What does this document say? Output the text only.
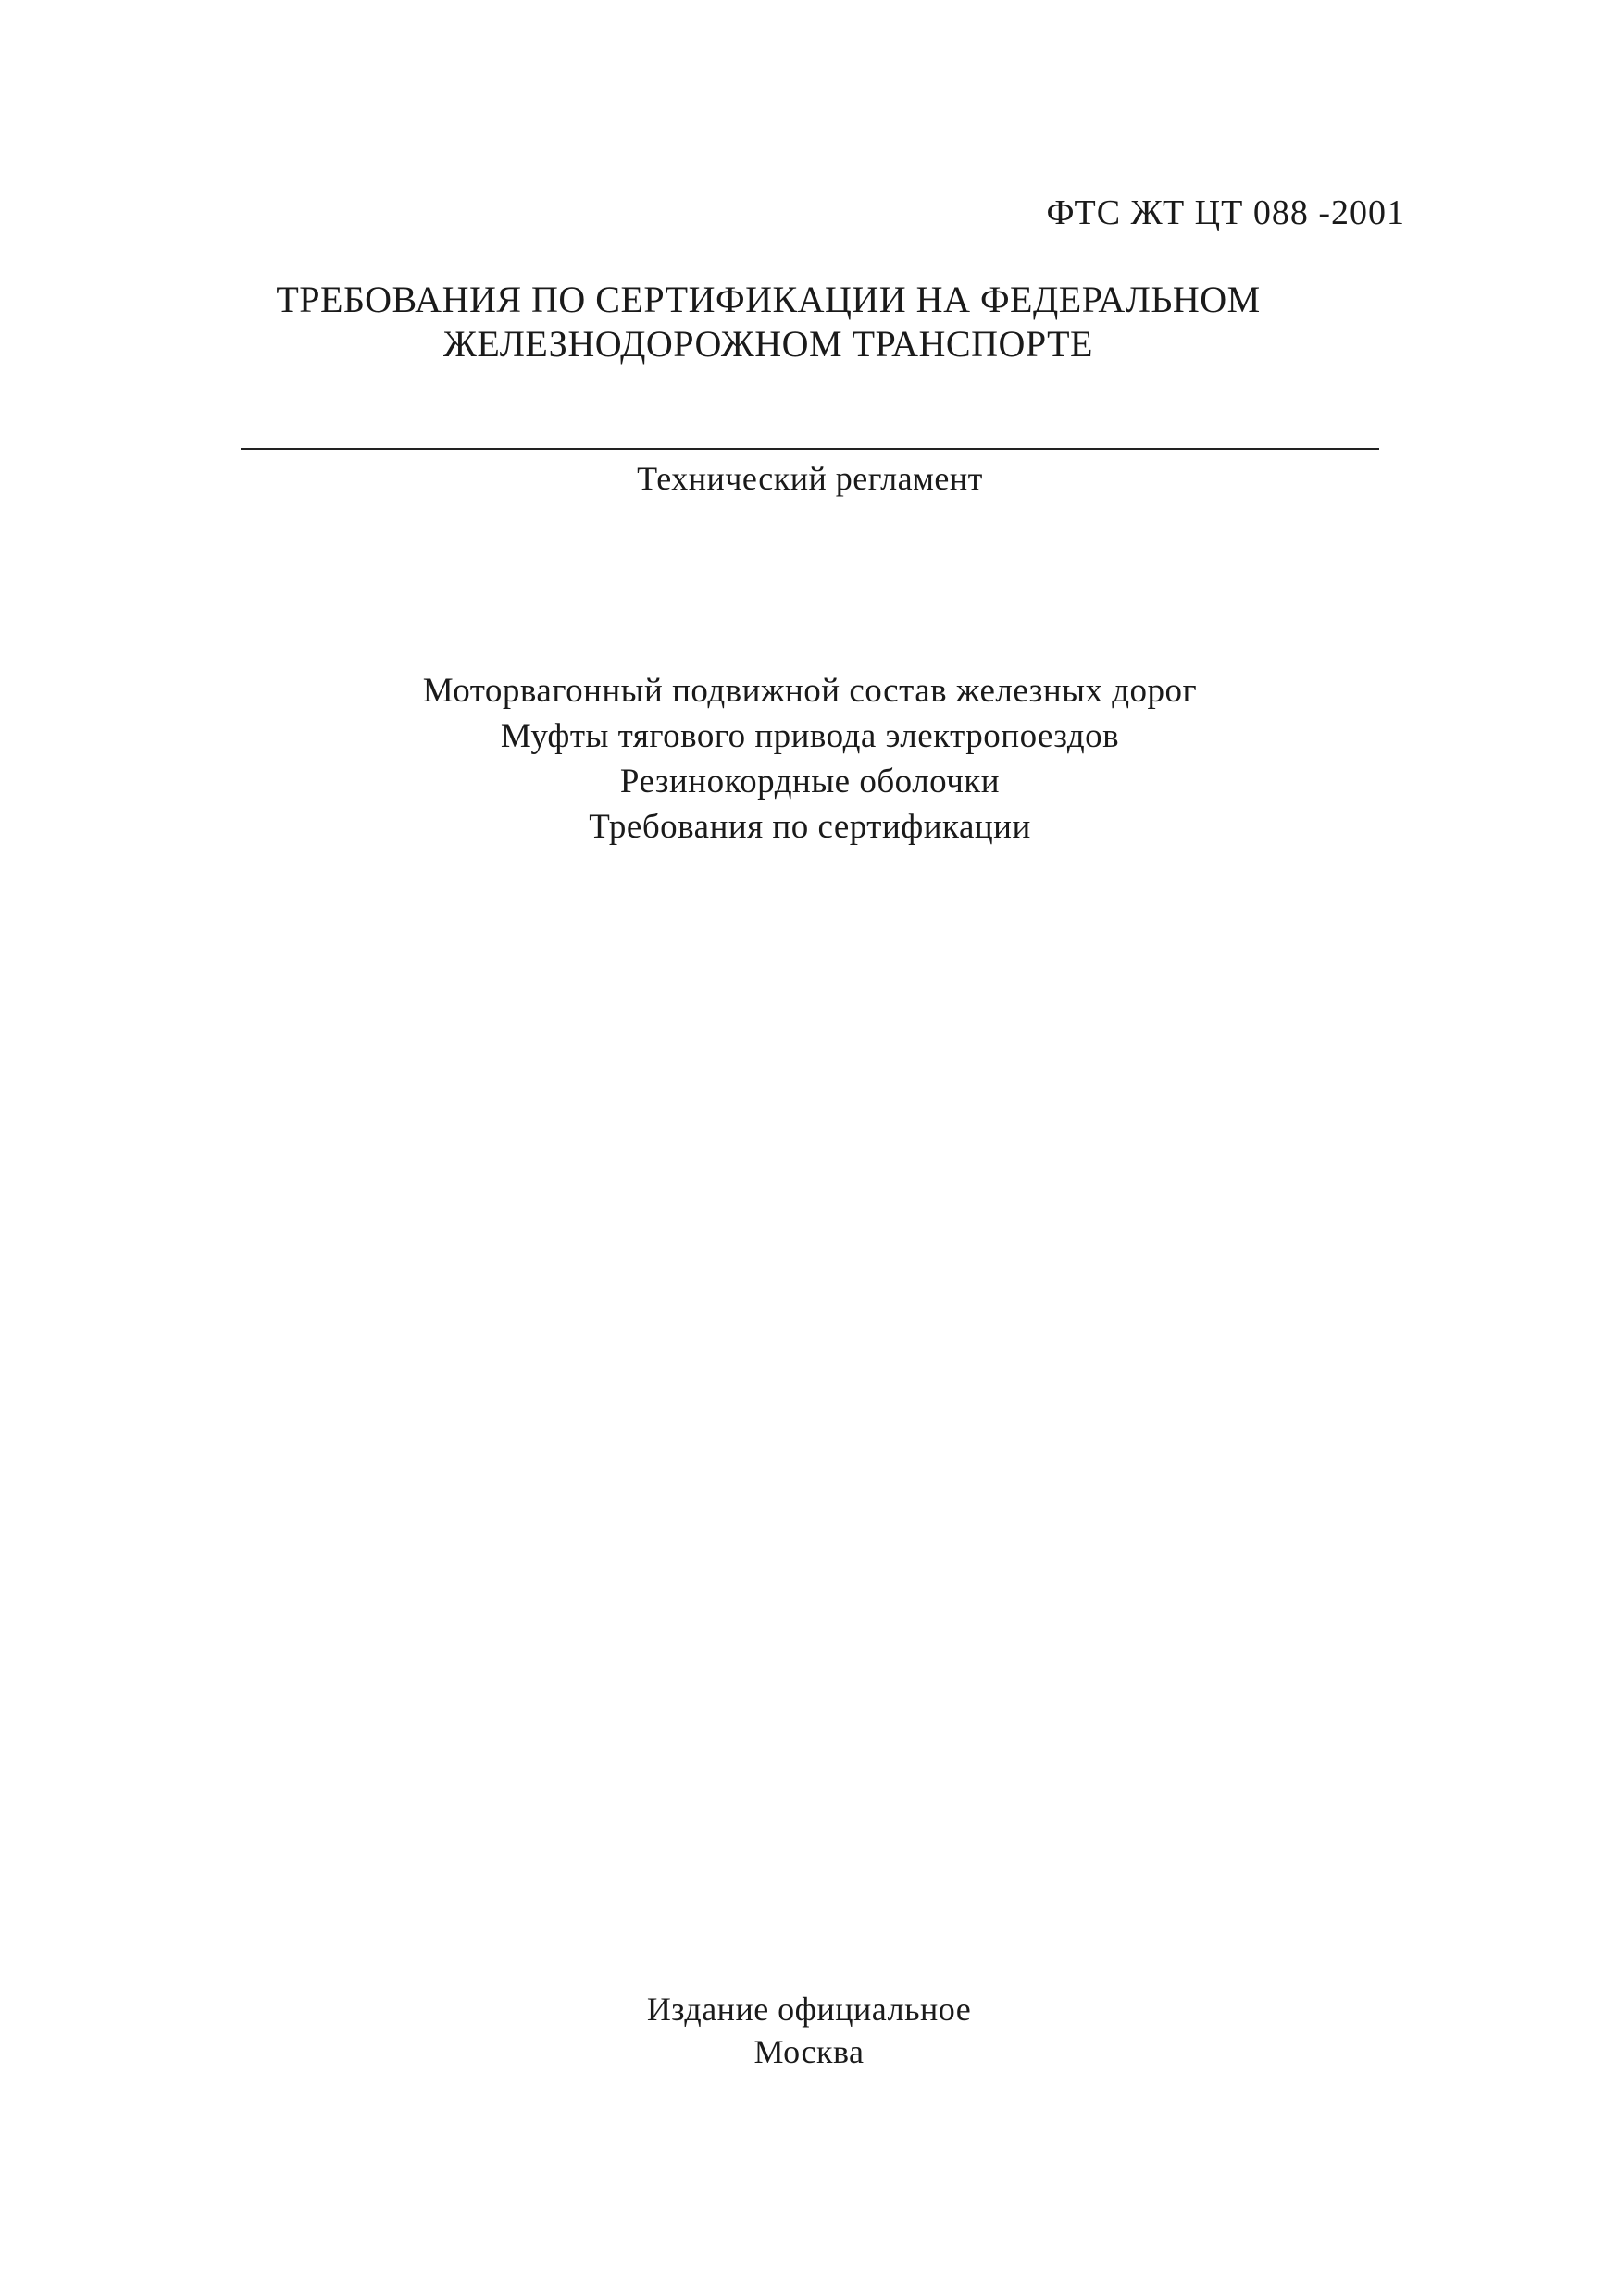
ФТС ЖТ ЦТ 088 -2001
ТРЕБОВАНИЯ ПО СЕРТИФИКАЦИИ НА ФЕДЕРАЛЬНОМ
ЖЕЛЕЗНОДОРОЖНОМ ТРАНСПОРТЕ
Технический регламент
Моторвагонный подвижной состав железных дорог
Муфты тягового привода электропоездов
Резинокордные оболочки
Требования по сертификации
Издание официальное
Москва
